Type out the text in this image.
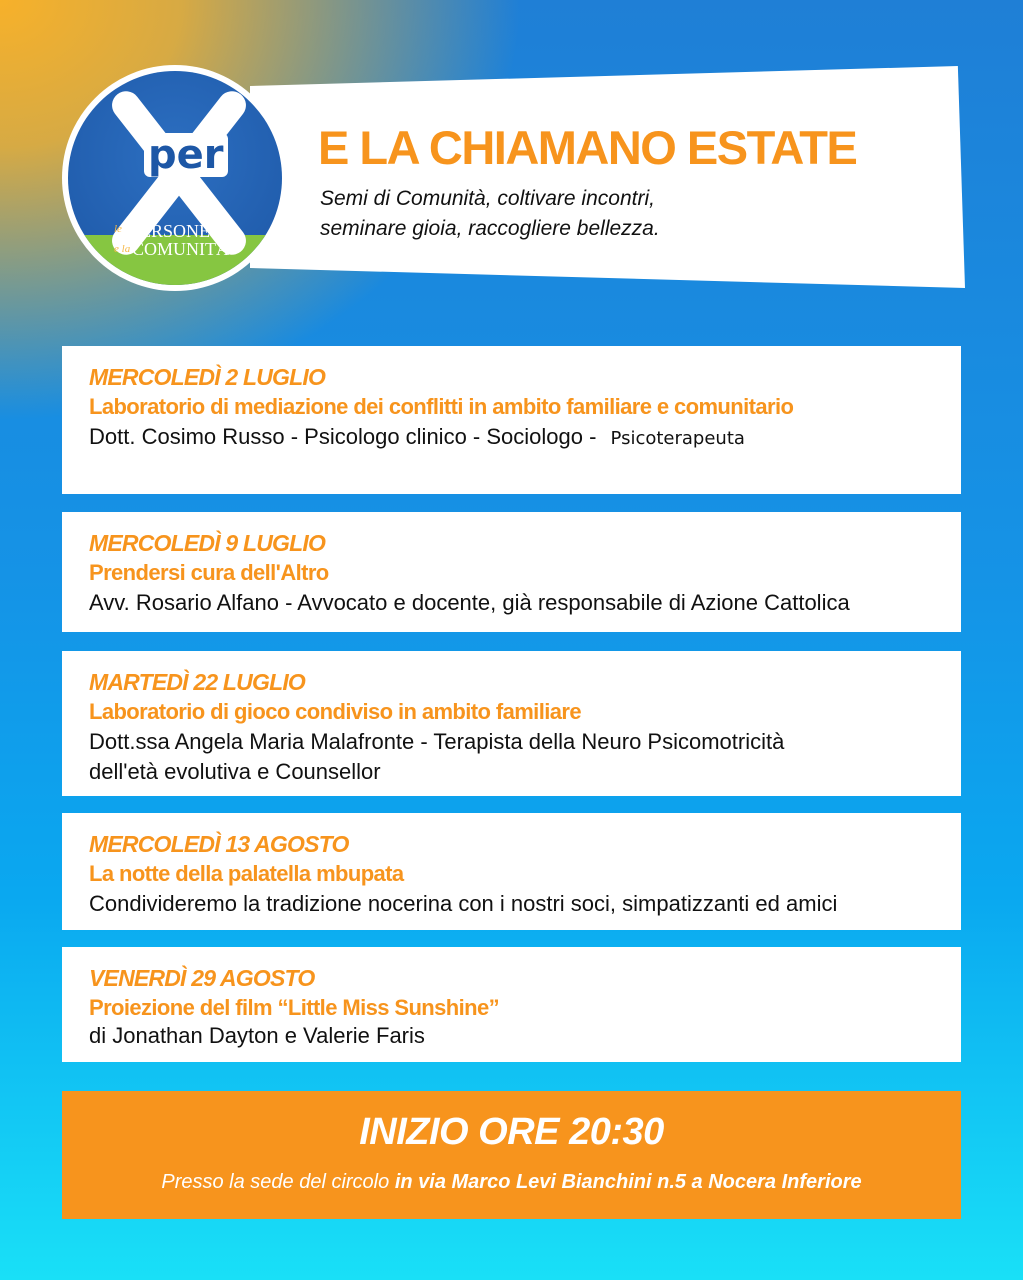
per
le PERSONE
e la COMUNITÀ
E LA CHIAMANO ESTATE
Semi di Comunità, coltivare incontri,
seminare gioia, raccogliere bellezza.
MERCOLEDÌ 2 LUGLIO
Laboratorio di mediazione dei conflitti in ambito familiare e comunitario
Dott. Cosimo Russo - Psicologo clinico - Sociologo - Psicoterapeuta
MERCOLEDÌ 9 LUGLIO
Prendersi cura dell'Altro
Avv. Rosario Alfano - Avvocato e docente, già responsabile di Azione Cattolica
MARTEDÌ 22 LUGLIO
Laboratorio di gioco condiviso in ambito familiare
Dott.ssa Angela Maria Malafronte - Terapista della Neuro Psicomotricità
dell'età evolutiva e Counsellor
MERCOLEDÌ 13 AGOSTO
La notte della palatella mbupata
Condivideremo la tradizione nocerina con i nostri soci, simpatizzanti ed amici
VENERDÌ 29 AGOSTO
Proiezione del film “Little Miss Sunshine”
di Jonathan Dayton e Valerie Faris
INIZIO ORE 20:30
Presso la sede del circolo in via Marco Levi Bianchini n.5 a Nocera Inferiore
